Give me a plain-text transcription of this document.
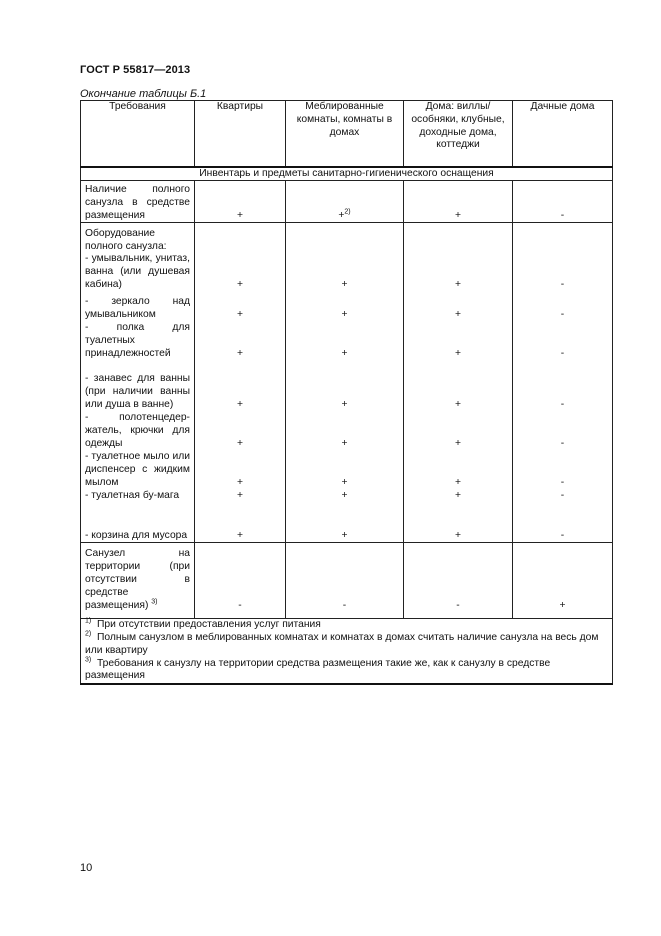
ГОСТ Р 55817—2013
Окончание таблицы Б.1
Требования	Квартиры	Меблированные комнаты, комнаты в домах	Дома: виллы/особняки, клубные, доходные дома, коттеджи	Дачные дома
Инвентарь и предметы санитарно-гигиенического оснащения				
Наличие полного санузла в средстве размещения	+	+$^{2)}$	+	-
Оборудование полного санузла:
- умывальник, унитаз, ванна (или душевая кабина)	+	+	+	-
- зеркало над умывальником	+	+	+	-
- полка для туалетных принадлежностей	+	+	+	-
- занавес для ванны (при наличии ванны или душа в ванне)	+	+	+	-
- полотенцедер-жатель, крючки для одежды	+	+	+	-
- туалетное мыло или диспенсер с жидким мылом	+	+	+	-
- туалетная бу-мага	+	+	+	-
- корзина для мусора	+	+	+	-
Санузел на территории (при отсутствии в средстве размещения) $^{3)}$	-	-	-	+

$^{1)}$ При отсутствии предоставления услуг питания
$^{2)}$ Полным санузлом в меблированных комнатах и комнатах в домах считать наличие санузла на весь дом или квартиру
$^{3)}$ Требования к санузлу на территории средства размещения такие же, как к санузлу в средстве размещения				
10
